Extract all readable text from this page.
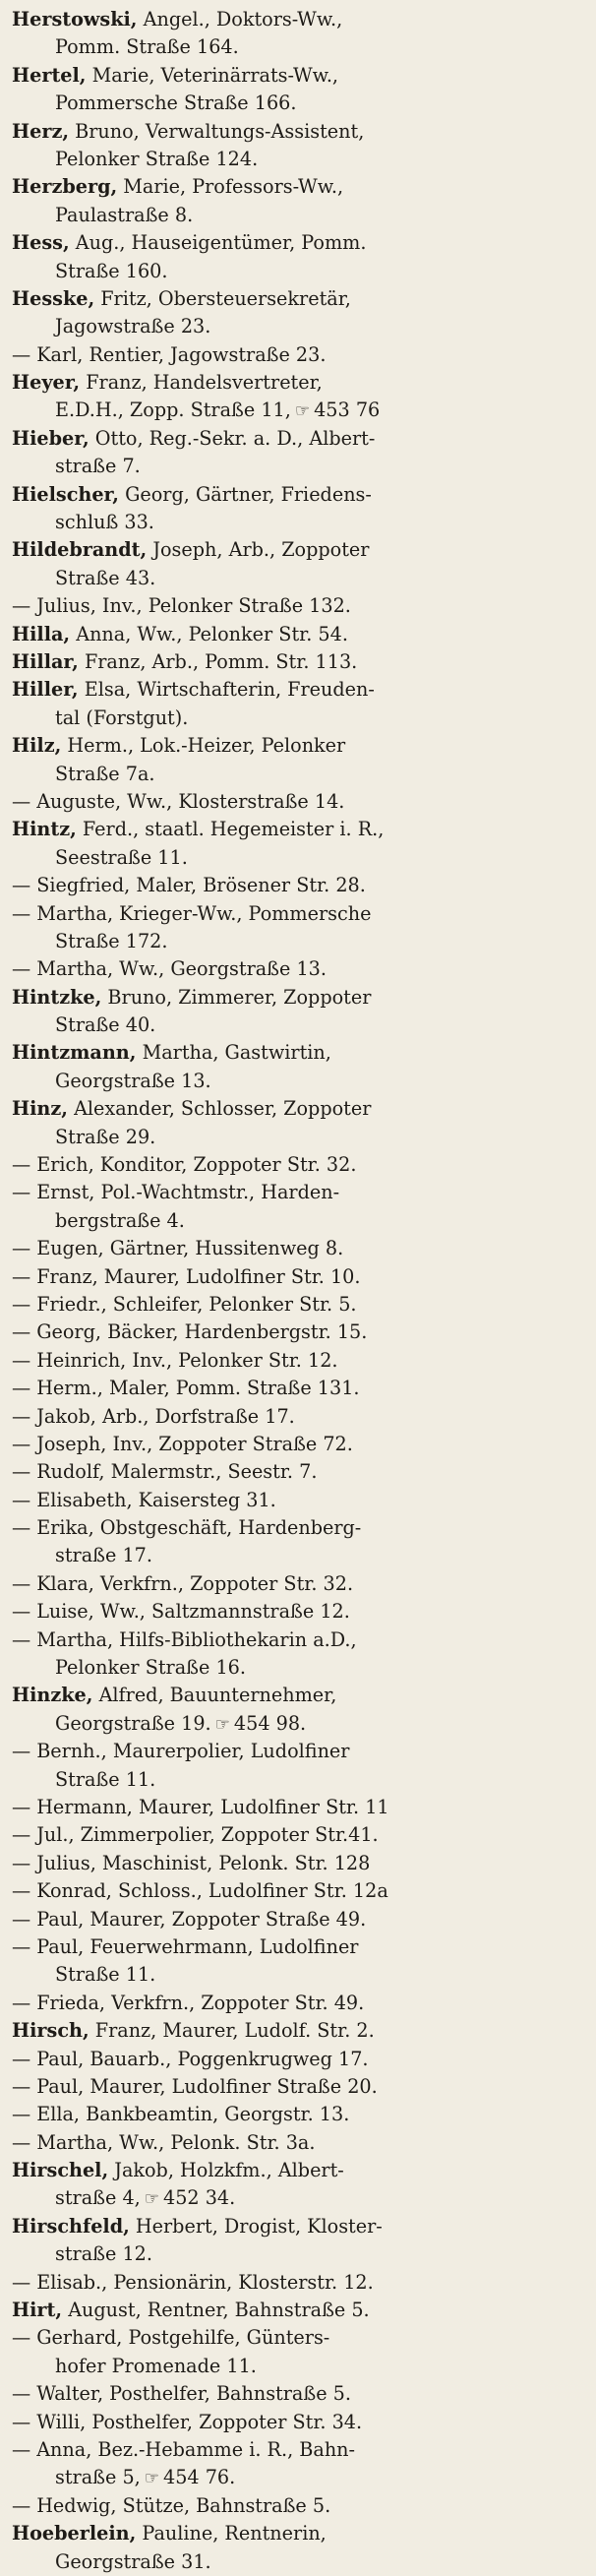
Herstowski, Angel., Doktors-Ww.,
Pomm. Straße 164.
Hertel, Marie, Veterinärrats-Ww.,
Pommersche Straße 166.
Herz, Bruno, Verwaltungs-Assistent,
Pelonker Straße 124.
Herzberg, Marie, Professors-Ww.,
Paulastraße 8.
Hess, Aug., Hauseigentümer, Pomm.
Straße 160.
Hesske, Fritz, Obersteuersekretär,
Jagowstraße 23.
— Karl, Rentier, Jagowstraße 23.
Heyer, Franz, Handelsvertreter,
E.D.H., Zopp. Straße 11, ☞ 453 76
Hieber, Otto, Reg.-Sekr. a. D., Albert-
straße 7.
Hielscher, Georg, Gärtner, Friedens-
schluß 33.
Hildebrandt, Joseph, Arb., Zoppoter
Straße 43.
— Julius, Inv., Pelonker Straße 132.
Hilla, Anna, Ww., Pelonker Str. 54.
Hillar, Franz, Arb., Pomm. Str. 113.
Hiller, Elsa, Wirtschafterin, Freuden-
tal (Forstgut).
Hilz, Herm., Lok.-Heizer, Pelonker
Straße 7a.
— Auguste, Ww., Klosterstraße 14.
Hintz, Ferd., staatl. Hegemeister i. R.,
Seestraße 11.
— Siegfried, Maler, Brösener Str. 28.
— Martha, Krieger-Ww., Pommersche
Straße 172.
— Martha, Ww., Georgstraße 13.
Hintzke, Bruno, Zimmerer, Zoppoter
Straße 40.
Hintzmann, Martha, Gastwirtin,
Georgstraße 13.
Hinz, Alexander, Schlosser, Zoppoter
Straße 29.
— Erich, Konditor, Zoppoter Str. 32.
— Ernst, Pol.-Wachtmstr., Harden-
bergstraße 4.
— Eugen, Gärtner, Hussitenweg 8.
— Franz, Maurer, Ludolfiner Str. 10.
— Friedr., Schleifer, Pelonker Str. 5.
— Georg, Bäcker, Hardenbergstr. 15.
— Heinrich, Inv., Pelonker Str. 12.
— Herm., Maler, Pomm. Straße 131.
— Jakob, Arb., Dorfstraße 17.
— Joseph, Inv., Zoppoter Straße 72.
— Rudolf, Malermstr., Seestr. 7.
— Elisabeth, Kaisersteg 31.
— Erika, Obstgeschäft, Hardenberg-
straße 17.
— Klara, Verkfrn., Zoppoter Str. 32.
— Luise, Ww., Saltzmannstraße 12.
— Martha, Hilfs-Bibliothekarin a.D.,
Pelonker Straße 16.
Hinzke, Alfred, Bauunternehmer,
Georgstraße 19. ☞ 454 98.
— Bernh., Maurerpolier, Ludolfiner
Straße 11.
— Hermann, Maurer, Ludolfiner Str. 11
— Jul., Zimmerpolier, Zoppoter Str.41.
— Julius, Maschinist, Pelonk. Str. 128
— Konrad, Schloss., Ludolfiner Str. 12a
— Paul, Maurer, Zoppoter Straße 49.
— Paul, Feuerwehrmann, Ludolfiner
Straße 11.
— Frieda, Verkfrn., Zoppoter Str. 49.
Hirsch, Franz, Maurer, Ludolf. Str. 2.
— Paul, Bauarb., Poggenkrugweg 17.
— Paul, Maurer, Ludolfiner Straße 20.
— Ella, Bankbeamtin, Georgstr. 13.
— Martha, Ww., Pelonk. Str. 3a.
Hirschel, Jakob, Holzkfm., Albert-
straße 4, ☞ 452 34.
Hirschfeld, Herbert, Drogist, Kloster-
straße 12.
— Elisab., Pensionärin, Klosterstr. 12.
Hirt, August, Rentner, Bahnstraße 5.
— Gerhard, Postgehilfe, Günters-
hofer Promenade 11.
— Walter, Posthelfer, Bahnstraße 5.
— Willi, Posthelfer, Zoppoter Str. 34.
— Anna, Bez.-Hebamme i. R., Bahn-
straße 5, ☞ 454 76.
— Hedwig, Stütze, Bahnstraße 5.
Hoeberlein, Pauline, Rentnerin,
Georgstraße 31.
